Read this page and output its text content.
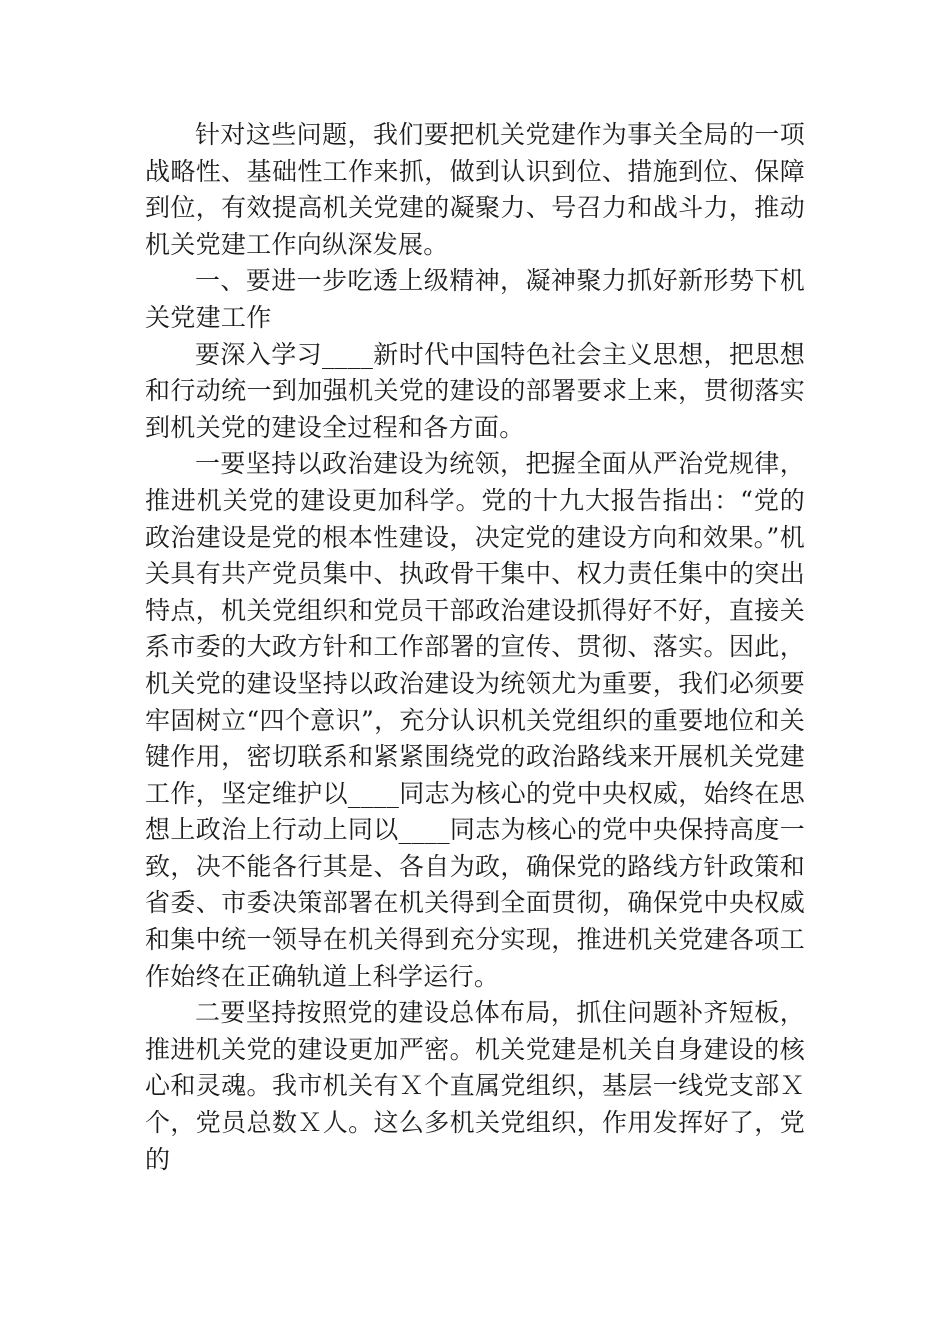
针对这些问题，我们要把机关党建作为事关全局的一项战略性、基础性工作来抓，做到认识到位、措施到位、保障到位，有效提高机关党建的凝聚力、号召力和战斗力，推动机关党建工作向纵深发展。

一、要进一步吃透上级精神，凝神聚力抓好新形势下机关党建工作

要深入学习____新时代中国特色社会主义思想，把思想和行动统一到加强机关党的建设的部署要求上来，贯彻落实到机关党的建设全过程和各方面。

一要坚持以政治建设为统领，把握全面从严治党规律，推进机关党的建设更加科学。党的十九大报告指出：“党的政治建设是党的根本性建设，决定党的建设方向和效果。”机关具有共产党员集中、执政骨干集中、权力责任集中的突出特点，机关党组织和党员干部政治建设抓得好不好，直接关系市委的大政方针和工作部署的宣传、贯彻、落实。因此，机关党的建设坚持以政治建设为统领尤为重要，我们必须要牢固树立“四个意识”，充分认识机关党组织的重要地位和关键作用，密切联系和紧紧围绕党的政治路线来开展机关党建工作，坚定维护以____同志为核心的党中央权威，始终在思想上政治上行动上同以____同志为核心的党中央保持高度一致，决不能各行其是、各自为政，确保党的路线方针政策和省委、市委决策部署在机关得到全面贯彻，确保党中央权威和集中统一领导在机关得到充分实现，推进机关党建各项工作始终在正确轨道上科学运行。

二要坚持按照党的建设总体布局，抓住问题补齐短板，推进机关党的建设更加严密。机关党建是机关自身建设的核心和灵魂。我市机关有Ｘ个直属党组织，基层一线党支部Ｘ个，党员总数Ｘ人。这么多机关党组织，作用发挥好了，党的
